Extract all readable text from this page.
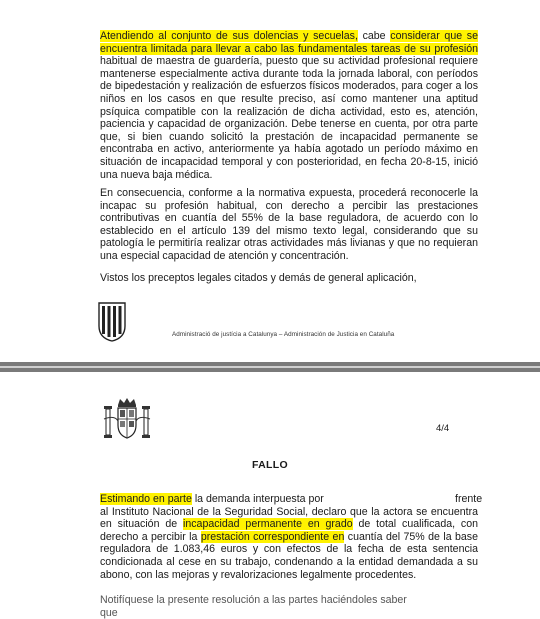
Atendiendo al conjunto de sus dolencias y secuelas, cabe considerar que se encuentra limitada para llevar a cabo las fundamentales tareas de su profesión habitual de maestra de guardería, puesto que su actividad profesional requiere mantenerse especialmente activa durante toda la jornada laboral, con períodos de bipedestación y realización de esfuerzos físicos moderados, para coger a los niños en los casos en que resulte preciso, así como mantener una aptitud psíquica compatible con la realización de dicha actividad, esto es, atención, paciencia y capacidad de organización. Debe tenerse en cuenta, por otra parte que, si bien cuando solicitó la prestación de incapacidad permanente se encontraba en activo, anteriormente ya había agotado un período máximo en situación de incapacidad temporal y con posterioridad, en fecha 20-8-15, inició una nueva baja médica.

En consecuencia, conforme a la normativa expuesta, procederá reconocerle la incapac su profesión habitual, con derecho a percibir las prestaciones contributivas en cuantía del 55% de la base reguladora, de acuerdo con lo establecido en el artículo 139 del mismo texto legal, considerando que su patología le permitiría realizar otras actividades más livianas y que no requieran una especial capacidad de atención y concentración.

Vistos los preceptos legales citados y demás de general aplicación,

Administració de justícia a Catalunya – Administración de Justicia en Cataluña
4/4
FALLO

Estimando en parte la demanda interpuesta por
al Instituto Nacional de la Seguridad Social, declaro que la actora se encuentra en situación de incapacidad permanente en grado de total cualificada, con derecho a percibir la prestación correspondiente en cuantía del 75% de la base reguladora de 1.083,46 euros y con efectos de la fecha de esta sentencia condicionada al cese en su trabajo, condenando a la entidad demandada a su abono, con las mejoras y revalorizaciones legalmente procedentes.

frente
Notifíquese la presente resolución a las partes haciéndoles saber que
